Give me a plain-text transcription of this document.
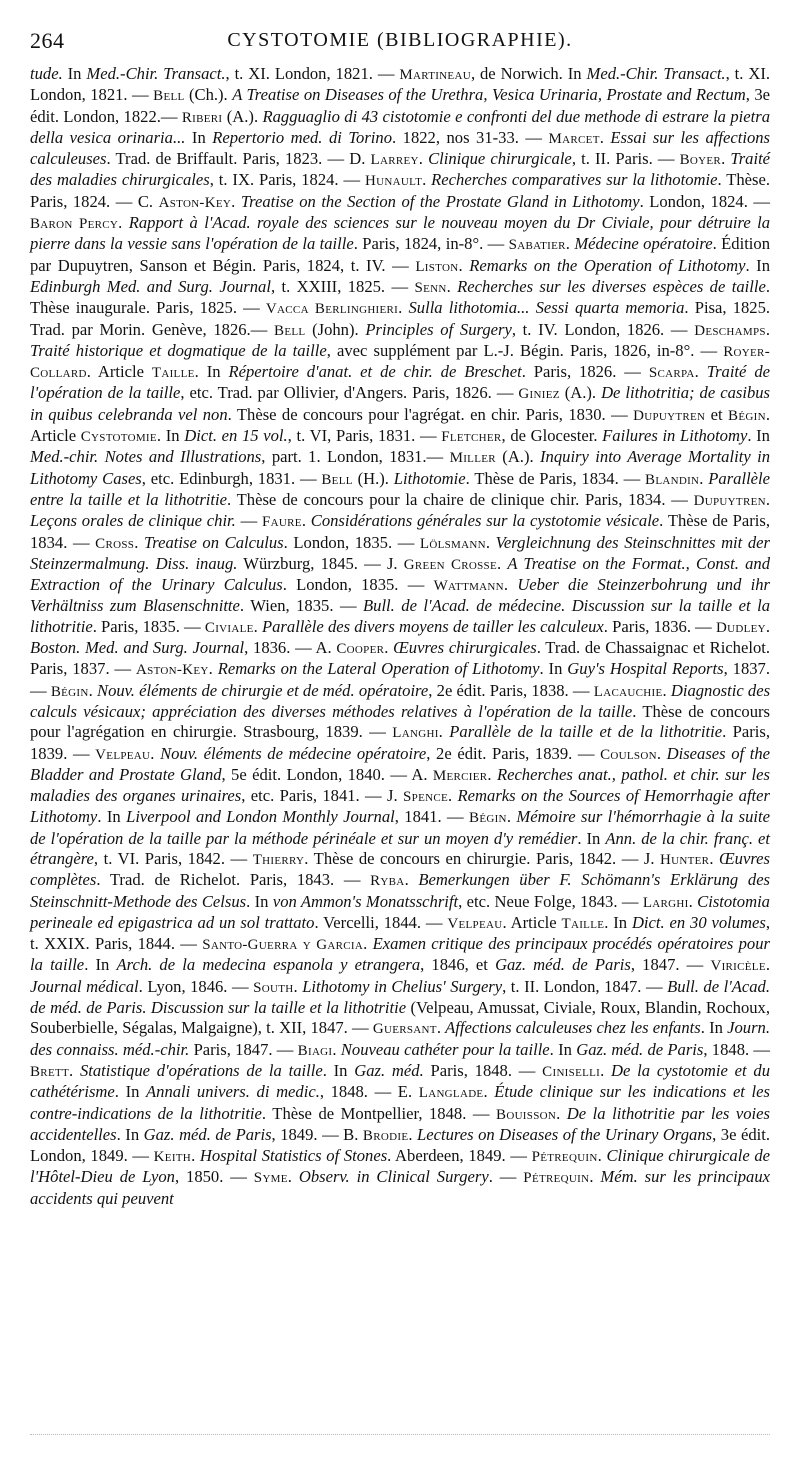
264	CYSTOTOMIE (BIBLIOGRAPHIE).
tude. In Med.-Chir. Transact., t. XI. London, 1821. — Martineau, de Norwich. In Med.-Chir. Transact., t. XI. London, 1821. — Bell (Ch.). A Treatise on Diseases of the Urethra, Vesica Urinaria, Prostate and Rectum, 3e édit. London, 1822.— Riberi (A.). Ragguaglio di 43 cistotomie e confronti del due methode di estrare la pietra della vesica orinaria... In Repertorio med. di Torino. 1822, nos 31-33. — Marcet. Essai sur les affections calculeuses. Trad. de Briffault. Paris, 1823. — D. Larrey. Clinique chirurgicale, t. II. Paris. — Boyer. Traité des maladies chirurgicales, t. IX. Paris, 1824. — Hunault. Recherches comparatives sur la lithotomie. Thèse. Paris, 1824. — C. Aston-Key. Treatise on the Section of the Prostate Gland in Lithotomy. London, 1824. — Baron Percy. Rapport à l'Acad. royale des sciences sur le nouveau moyen du Dr Civiale, pour détruire la pierre dans la vessie sans l'opération de la taille. Paris, 1824, in-8°. — Sabatier. Médecine opératoire. Édition par Dupuytren, Sanson et Bégin. Paris, 1824, t. IV. — Liston. Remarks on the Operation of Lithotomy. In Edinburgh Med. and Surg. Journal, t. XXIII, 1825. — Senn. Recherches sur les diverses espèces de taille. Thèse inaugurale. Paris, 1825. — Vacca Berlinghieri. Sulla lithotomia... Sessi quarta memoria. Pisa, 1825. Trad. par Morin. Genève, 1826.— Bell (John). Principles of Surgery, t. IV. London, 1826. — Deschamps. Traité historique et dogmatique de la taille, avec supplément par L.-J. Bégin. Paris, 1826, in-8°. — Royer-Collard. Article Taille. In Répertoire d'anat. et de chir. de Breschet. Paris, 1826. — Scarpa. Traité de l'opération de la taille, etc. Trad. par Ollivier, d'Angers. Paris, 1826. — Giniez (A.). De lithotritia; de casibus in quibus celebranda vel non. Thèse de concours pour l'agrégat. en chir. Paris, 1830. — Dupuytren et Bégin. Article Cystotomie. In Dict. en 15 vol., t. VI, Paris, 1831. — Fletcher, de Glocester. Failures in Lithotomy. In Med.-chir. Notes and Illustrations, part. 1. London, 1831.— Miller (A.). Inquiry into Average Mortality in Lithotomy Cases, etc. Edinburgh, 1831. — Bell (H.). Lithotomie. Thèse de Paris, 1834. — Blandin. Parallèle entre la taille et la lithotritie. Thèse de concours pour la chaire de clinique chir. Paris, 1834. — Dupuytren. Leçons orales de clinique chir. — Faure. Considérations générales sur la cystotomie vésicale. Thèse de Paris, 1834. — Cross. Treatise on Calculus. London, 1835. — Lölsmann. Vergleichnung des Steinschnittes mit der Steinzermalmung. Diss. inaug. Würzburg, 1845. — J. Green Crosse. A Treatise on the Format., Const. and Extraction of the Urinary Calculus. London, 1835. — Wattmann. Ueber die Steinzerbohrung und ihr Verhältniss zum Blasenschnitte. Wien, 1835. — Bull. de l'Acad. de médecine. Discussion sur la taille et la lithotritie. Paris, 1835. — Civiale. Parallèle des divers moyens de tailler les calculeux. Paris, 1836. — Dudley. Boston. Med. and Surg. Journal, 1836. — A. Cooper. Œuvres chirurgicales. Trad. de Chassaignac et Richelot. Paris, 1837. — Aston-Key. Remarks on the Lateral Operation of Lithotomy. In Guy's Hospital Reports, 1837. — Bégin. Nouv. éléments de chirurgie et de méd. opératoire, 2e édit. Paris, 1838. — Lacauchie. Diagnostic des calculs vésicaux; appréciation des diverses méthodes relatives à l'opération de la taille. Thèse de concours pour l'agrégation en chirurgie. Strasbourg, 1839. — Langhi. Parallèle de la taille et de la lithotritie. Paris, 1839. — Velpeau. Nouv. éléments de médecine opératoire, 2e édit. Paris, 1839. — Coulson. Diseases of the Bladder and Prostate Gland, 5e édit. London, 1840. — A. Mercier. Recherches anat., pathol. et chir. sur les maladies des organes urinaires, etc. Paris, 1841. — J. Spence. Remarks on the Sources of Hemorrhagie after Lithotomy. In Liverpool and London Monthly Journal, 1841. — Bégin. Mémoire sur l'hémorrhagie à la suite de l'opération de la taille par la méthode périnéale et sur un moyen d'y remédier. In Ann. de la chir. franç. et étrangère, t. VI. Paris, 1842. — Thierry. Thèse de concours en chirurgie. Paris, 1842. — J. Hunter. Œuvres complètes. Trad. de Richelot. Paris, 1843. — Ryba. Bemerkungen über F. Schömann's Erklärung des Steinschnitt-Methode des Celsus. In von Ammon's Monatsschrift, etc. Neue Folge, 1843. — Larghi. Cistotomia perineale ed epigastrica ad un sol trattato. Vercelli, 1844. — Velpeau. Article Taille. In Dict. en 30 volumes, t. XXIX. Paris, 1844. — Santo-Guerra y Garcia. Examen critique des principaux procédés opératoires pour la taille. In Arch. de la medecina espanola y etrangera, 1846, et Gaz. méd. de Paris, 1847. — Viricèle. Journal médical. Lyon, 1846. — South. Lithotomy in Chelius' Surgery, t. II. London, 1847. — Bull. de l'Acad. de méd. de Paris. Discussion sur la taille et la lithotritie (Velpeau, Amussat, Civiale, Roux, Blandin, Rochoux, Souberbielle, Ségalas, Malgaigne), t. XII, 1847. — Guersant. Affections calculeuses chez les enfants. In Journ. des connaiss. méd.-chir. Paris, 1847. — Biagi. Nouveau cathéter pour la taille. In Gaz. méd. de Paris, 1848. — Brett. Statistique d'opérations de la taille. In Gaz. méd. Paris, 1848. — Ciniselli. De la cystotomie et du cathétérisme. In Annali univers. di medic., 1848. — E. Langlade. Étude clinique sur les indications et les contre-indications de la lithotritie. Thèse de Montpellier, 1848. — Bouisson. De la lithotritie par les voies accidentelles. In Gaz. méd. de Paris, 1849. — B. Brodie. Lectures on Diseases of the Urinary Organs, 3e édit. London, 1849. — Keith. Hospital Statistics of Stones. Aberdeen, 1849. — Pétrequin. Clinique chirurgicale de l'Hôtel-Dieu de Lyon, 1850. — Syme. Observ. in Clinical Surgery. — Pétrequin. Mém. sur les principaux accidents qui peuvent
